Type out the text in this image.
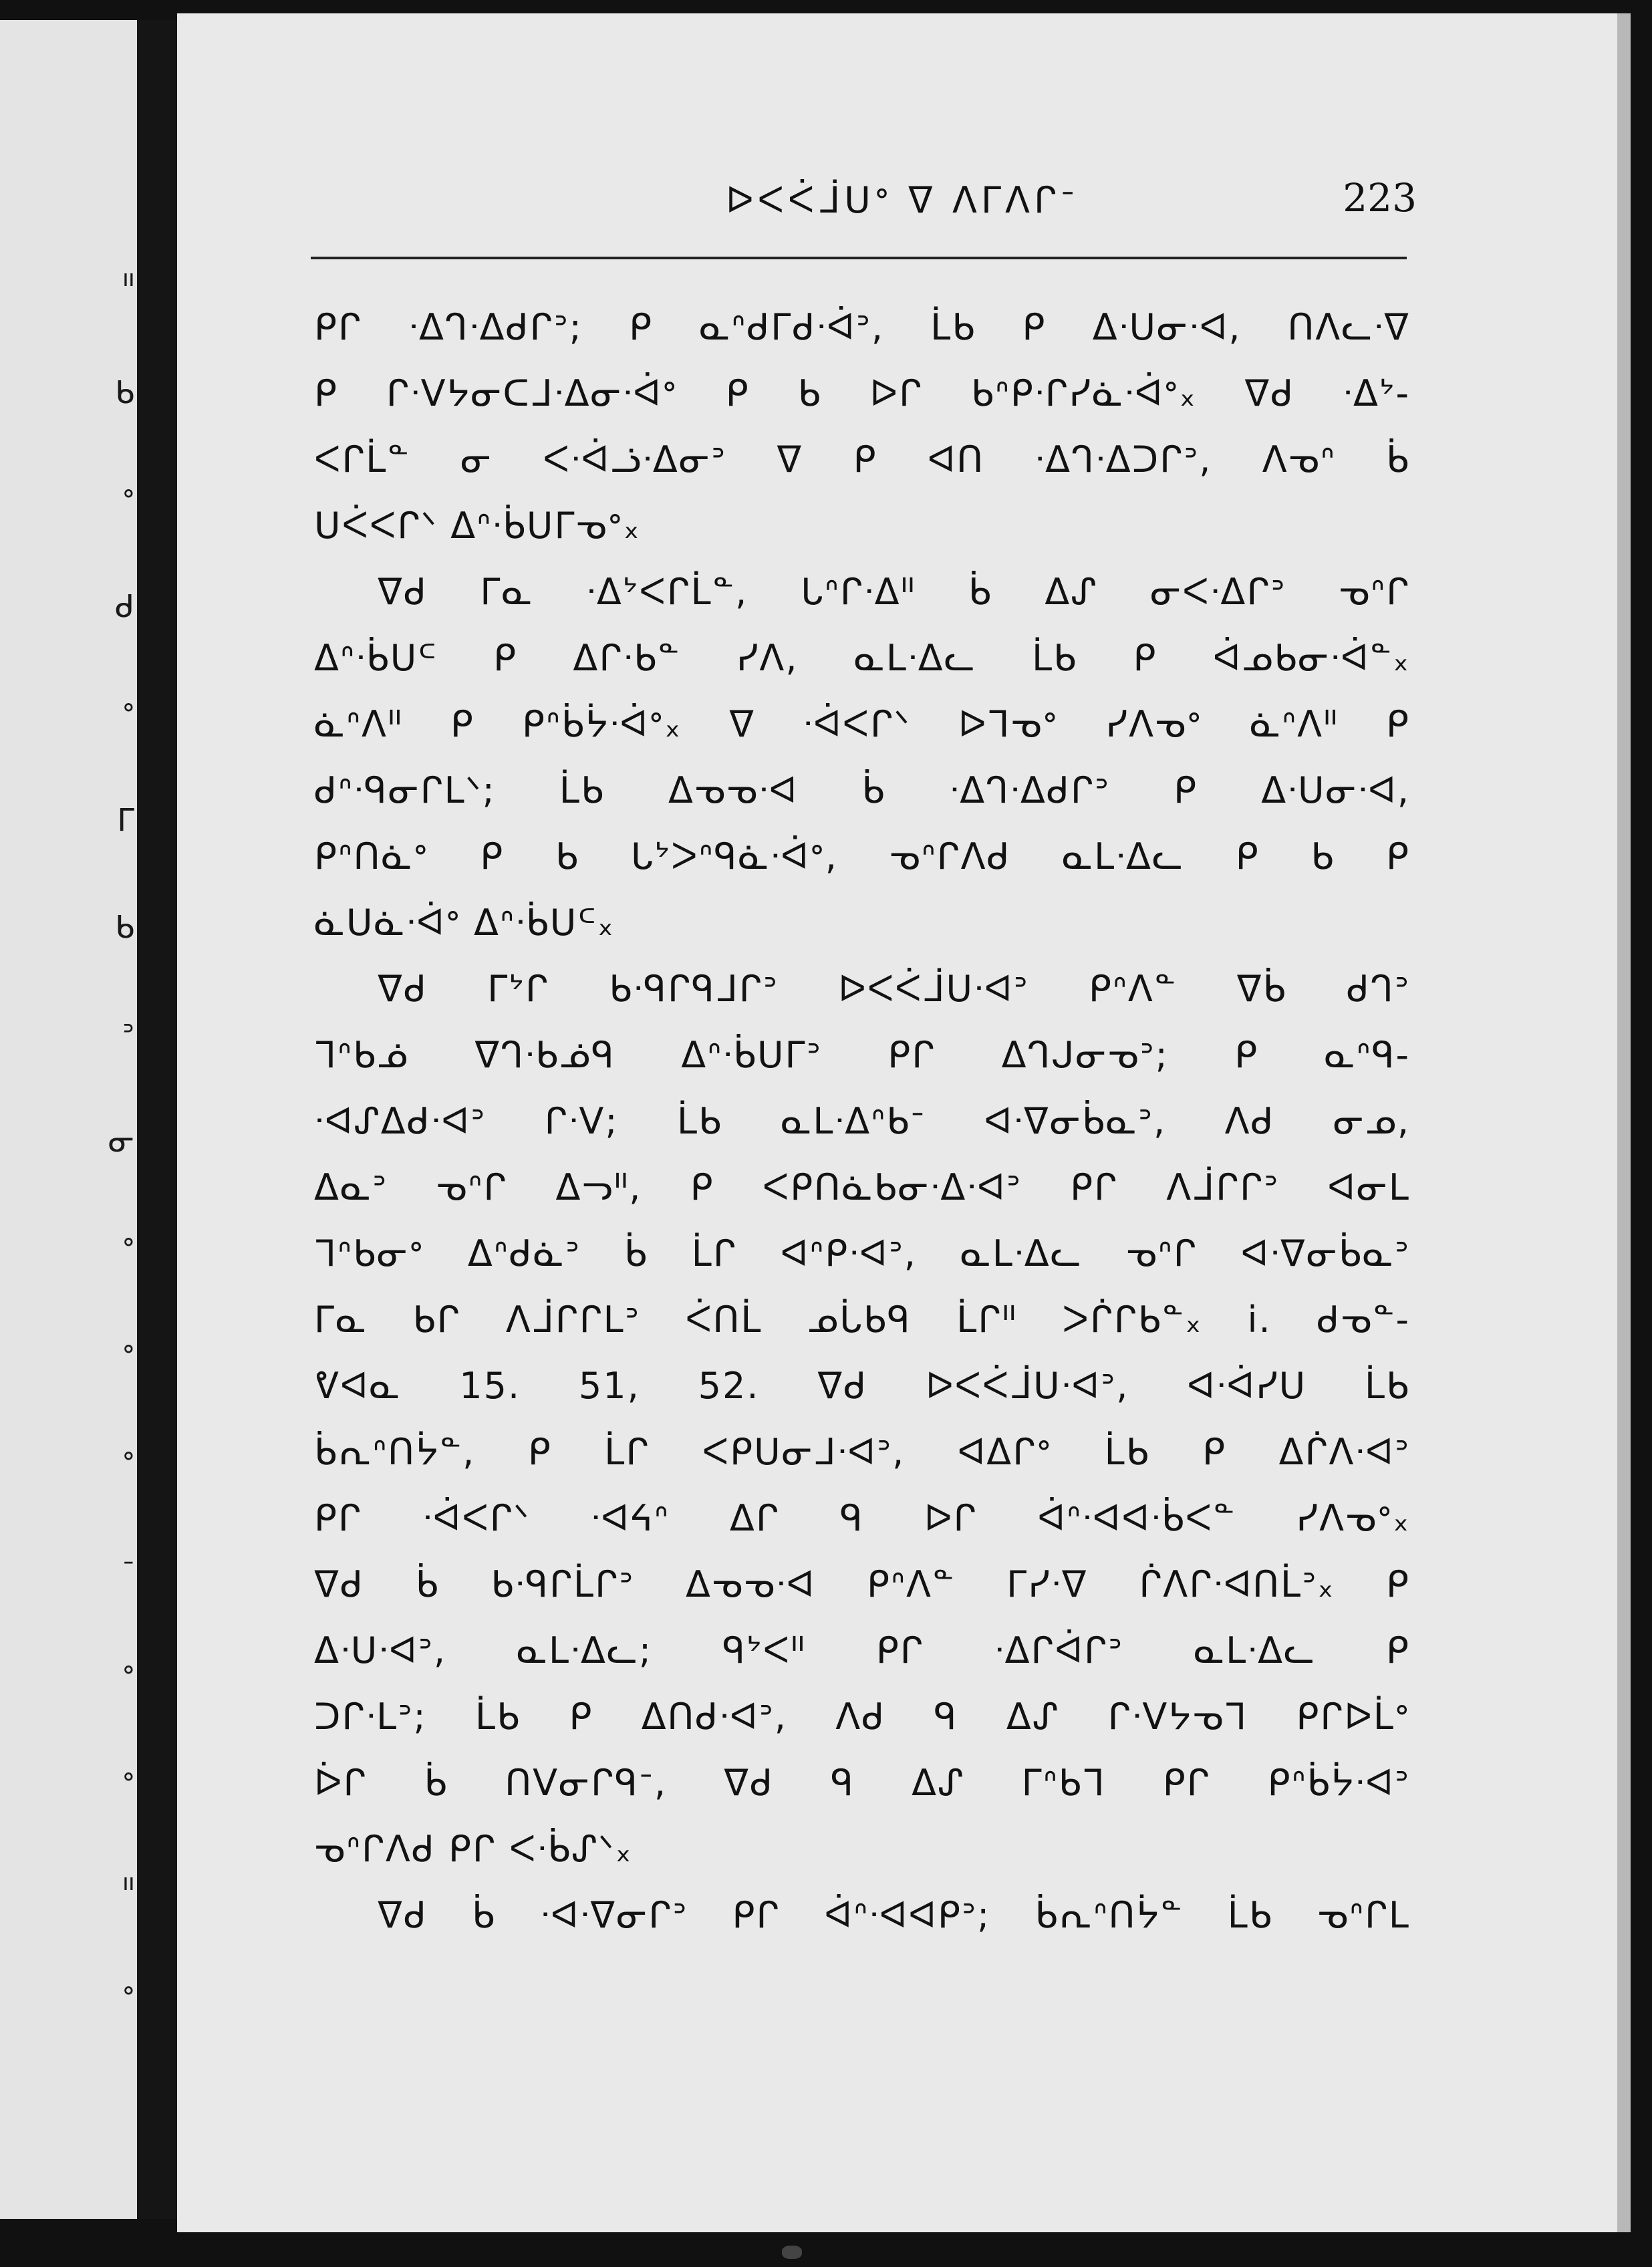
ᐦ
ᑲ
ᐤ
ᑯ
ᐤ
ᒥ
ᑲ
ᐣ
ᓂ
ᐤ
ᐤ
ᐤ
ᐨ
ᐤ
ᐤ
ᐦ
ᐤ
ᐅᐸᐹᒨᑌᐤ ᐁ ᐱᒥᐱᒋᐨ	223
ᑭᒋ ᐧᐃᒉᐧᐃᑯᒋᐣ; ᑭ ᓇᐢᑯᒥᑯᐧᐋᐣ, ᒫᑲ ᑭ ᐃᐧᑌᓂᐧᐊ, ᑎᐱᓚᐧᐁ
ᑭ ᒋᐧᐯᔭᓂᑕᒧᐧᐃᓂᐧᐋᐤ ᑭ ᑲ ᐅᒋ ᑲᐢᑭᐧᒋᓯᓈᐧᐋᐤ᙮ ᐁᑯ ᐧᐃᔾ-
ᐸᒋᒫᓐ ᓂ ᐸᐧᐋᓘᐧᐃᓂᐣ ᐁ ᑭ ᐊᑎ ᐧᐃᒉᐧᐃᑐᒋᐣ, ᐱᓀᐢ ᑳ
ᑌᐹᐸᒋᐠ ᐃᐢᐧᑳᑌᒥᓀᐤ᙮
ᐁᑯ ᒥᓇ ᐧᐃᔾᐸᒋᒫᓐ, ᒐᐢᒋᐧᐃᐦ ᑳ ᐃᔑ ᓂᐸᐧᐃᒋᐣ ᓀᐢᒋ
ᐃᐢᐧᑳᑌᒼ ᑭ ᐃᒋᐧᑲᓐ ᓯᐱ, ᓇᒪᐧᐃᓚ ᒫᑲ ᑭ ᐋᓄᑲᓂᐧᐋᓐ᙮
ᓈᐢᐱᐦ ᑭ ᑭᐢᑳᔮᐧᐋᐤ᙮ ᐁ ᐧᐋᐸᒋᐠ ᐅᒣᓀᐤ ᓯᐱᓀᐤ ᓈᐢᐱᐦ ᑭ
ᑯᐢᐧᑫᓂᒋᒪᐠ; ᒫᑲ ᐃᓀᓀᐧᐊ ᑳ ᐧᐃᒉᐧᐃᑯᒋᐣ ᑭ ᐃᐧᑌᓂᐧᐊ,
ᑭᐢᑎᓈᐤ ᑭ ᑲ ᒐᔾᐳᐢᑫᓈᐧᐋᐤ, ᓀᐢᒋᐱᑯ ᓇᒪᐧᐃᓚ ᑭ ᑲ ᑭ
ᓈᑌᓈᐧᐋᐤ ᐃᐢᐧᑳᑌᒼ᙮
ᐁᑯ ᒥᔾᒋ ᑲᐧᑫᒋᑫᒧᒋᐣ ᐅᐸᐹᒨᑌᐧᐊᐣ ᑭᐢᐱᓐ ᐁᑳ ᑯᒉᐣ
ᒣᐢᑲᓅ ᐁᒉᐧᑲᓅᑫ ᐃᐢᐧᑳᑌᒥᐣ ᑭᒋ ᐃᒉᒍᓂᓀᐣ; ᑭ ᓇᐢᑫ-
ᐧᐊᔑᐃᑯᐧᐊᐣ ᒋᐧᐯ; ᒫᑲ ᓇᒪᐧᐃᐢᑲᐨ ᐊᐧᐁᓂᑳᓇᐣ, ᐱᑯ ᓂᓄ,
ᐃᓇᐣ ᓀᐢᒋ ᐃᓓᐦ, ᑭ ᐸᑭᑎᓈᑲᓂᐧᐃᐧᐊᐣ ᑭᒋ ᐱᒨᒋᒋᐣ ᐊᓂᒪ
ᒣᐢᑲᓂᐤ ᐃᐢᑯᓈᐣ ᑳ ᒫᒋ ᐊᐢᑭᐧᐊᐣ, ᓇᒪᐧᐃᓚ ᓀᐢᒋ ᐊᐧᐁᓂᑳᓇᐣ
ᒥᓇ ᑲᒋ ᐱᒨᒋᒋᒪᐣ ᐹᑎᒫ ᓄᒑᑲᑫ ᒫᒋᐦ ᐳᒌᒋᑲᓐ᙮ i. ᑯᓀᓐ-
ᕓᐊᓇ 15. 51, 52. ᐁᑯ ᐅᐸᐹᒨᑌᐧᐊᐣ, ᐊᐧᐋᓯᑌ ᒫᑲ
ᑳᕆᐢᑎᔮᓐ, ᑭ ᒫᒋ ᐸᑭᑌᓂᒧᐧᐊᐣ, ᐊᐃᒋᐤ ᒫᑲ ᑭ ᐃᒌᐱᐧᐊᐣ
ᑭᒋ ᐧᐋᐸᒋᐠ ᐧᐊᔦᐢ ᐃᒋ ᑫ ᐅᒋ ᐋᐢᐧᐊᐊᐧᑳᐸᓐ ᓯᐱᓀᐤ᙮
ᐁᑯ ᑳ ᑲᐧᑫᒋᒫᒋᐣ ᐃᓀᓀᐧᐊ ᑭᐢᐱᓐ ᒥᓯᐧᐁ ᒌᐱᒋᐧᐊᑎᒫᐣ᙮ ᑭ
ᐃᐧᑌᐧᐊᐣ, ᓇᒪᐧᐃᓚ; ᑫᔾᐸᐦ ᑭᒋ ᐧᐃᒋᐋᒋᐣ ᓇᒪᐧᐃᓚ ᑭ
ᑐᒋᐧᒪᐣ; ᒫᑲ ᑭ ᐃᑎᑯᐧᐊᐣ, ᐱᑯ ᑫ ᐃᔑ ᒋᐧᐯᔭᓀᒣ ᑭᒋᐅᒫᐤ
ᐆᒋ ᑳ ᑎᐯᓂᒋᑫᐨ, ᐁᑯ ᑫ ᐃᔑ ᒥᐢᑲᒣ ᑭᒋ ᑭᐢᑳᔮᐧᐊᐣ
ᓀᐢᒋᐱᑯ ᑭᒋ ᐸᐧᑳᔑᐠ᙮
ᐁᑯ ᑳ ᐧᐊᐧᐁᓂᒋᐣ ᑭᒋ ᐋᐢᐧᐊᐊᑭᐣ; ᑳᕆᐢᑎᔮᓐ ᒫᑲ ᓀᐢᒋᒪ
